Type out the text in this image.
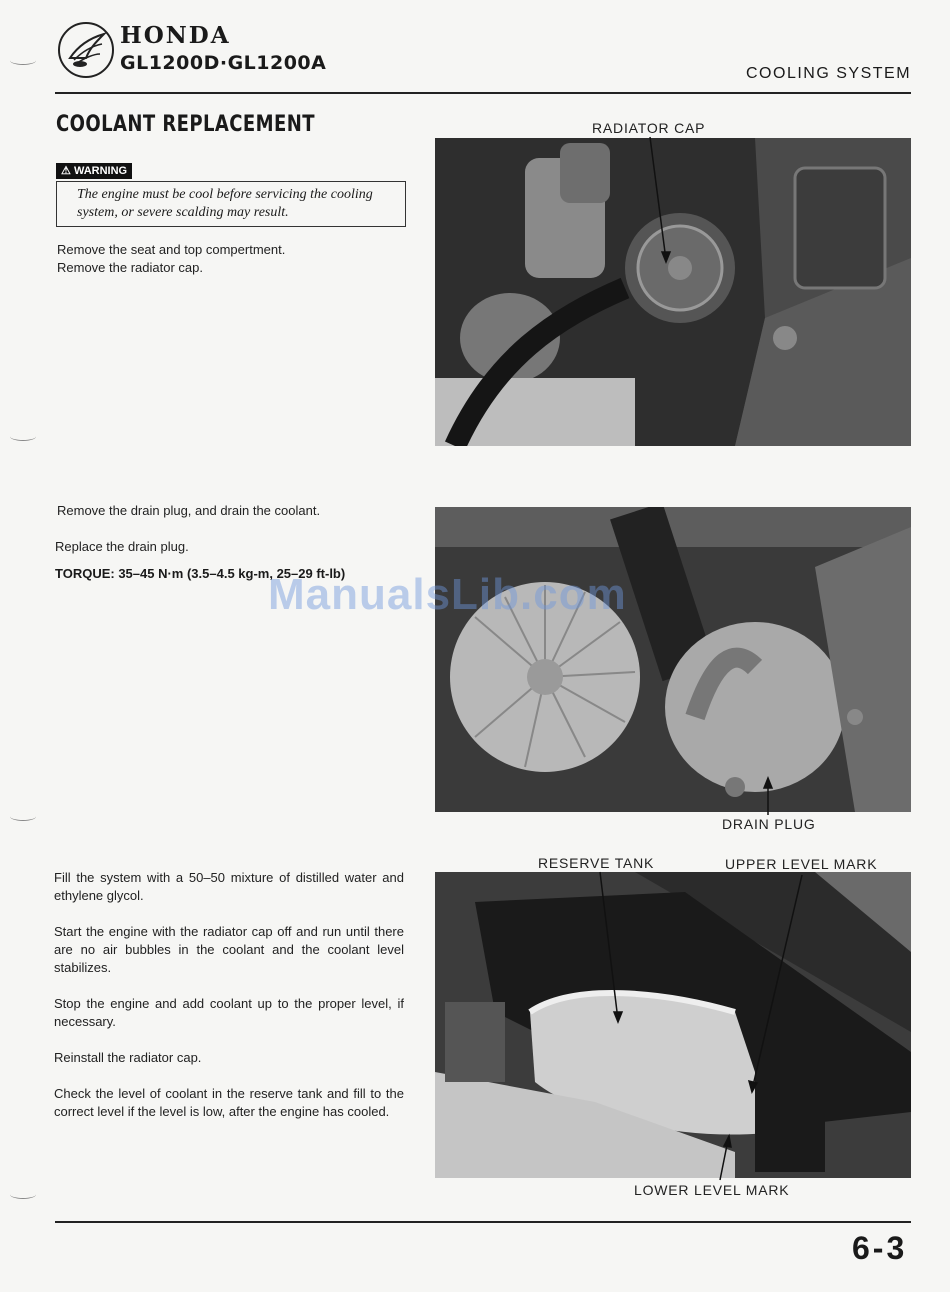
HONDA
GL1200D·GL1200A	COOLING SYSTEM
COOLANT REPLACEMENT
⚠ WARNING
The engine must be cool before servicing the cooling system, or severe scalding may result.
Remove the seat and top compertment.
Remove the radiator cap.
Remove the drain plug, and drain the coolant.
Replace the drain plug.
TORQUE: 35–45 N·m (3.5–4.5 kg-m, 25–29 ft-lb)

Fill the system with a 50–50 mixture of distilled water and ethylene glycol.

Start the engine with the radiator cap off and run until there are no air bubbles in the coolant and the coolant level stabilizes.

Stop the engine and add coolant up to the proper level, if necessary.

Reinstall the radiator cap.

Check the level of coolant in the reserve tank and fill to the correct level if the level is low, after the engine has cooled.

RADIATOR CAP
DRAIN PLUG
RESERVE TANK	UPPER LEVEL MARK
LOWER LEVEL MARK
ManualsLib.com
6-3
